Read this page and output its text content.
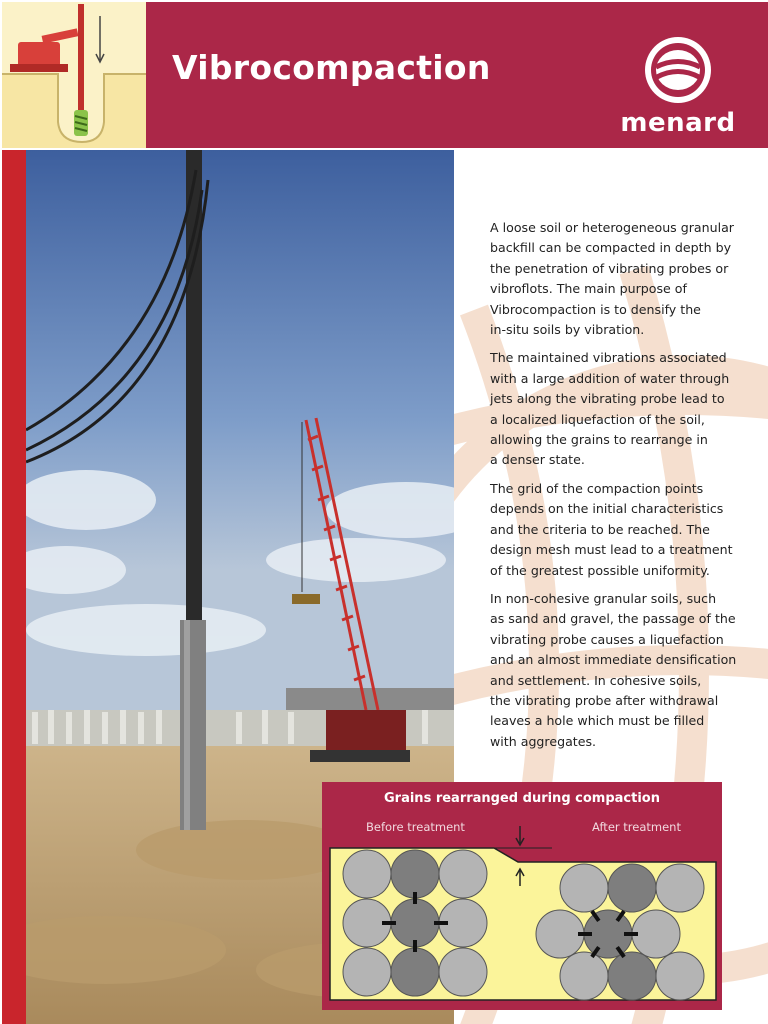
Vibrocompaction
menard

A loose soil or heterogeneous granular
backfill can be compacted in depth by
the penetration of vibrating probes or
vibroflots. The main purpose of
Vibrocompaction is to densify the
in-situ soils by vibration.

The maintained vibrations associated
with a large addition of water through
jets along the vibrating probe lead to
a localized liquefaction of the soil,
allowing the grains to rearrange in
a denser state.

The grid of the compaction points
depends on the initial characteristics
and the criteria to be reached. The
design mesh must lead to a treatment
of the greatest possible uniformity.

In non-cohesive granular soils, such
as sand and gravel, the passage of the
vibrating probe causes a liquefaction
and an almost immediate densification
and settlement. In cohesive soils,
the vibrating probe after withdrawal
leaves a hole which must be filled
with aggregates.

Grains rearranged during compaction
Before treatment	After treatment
